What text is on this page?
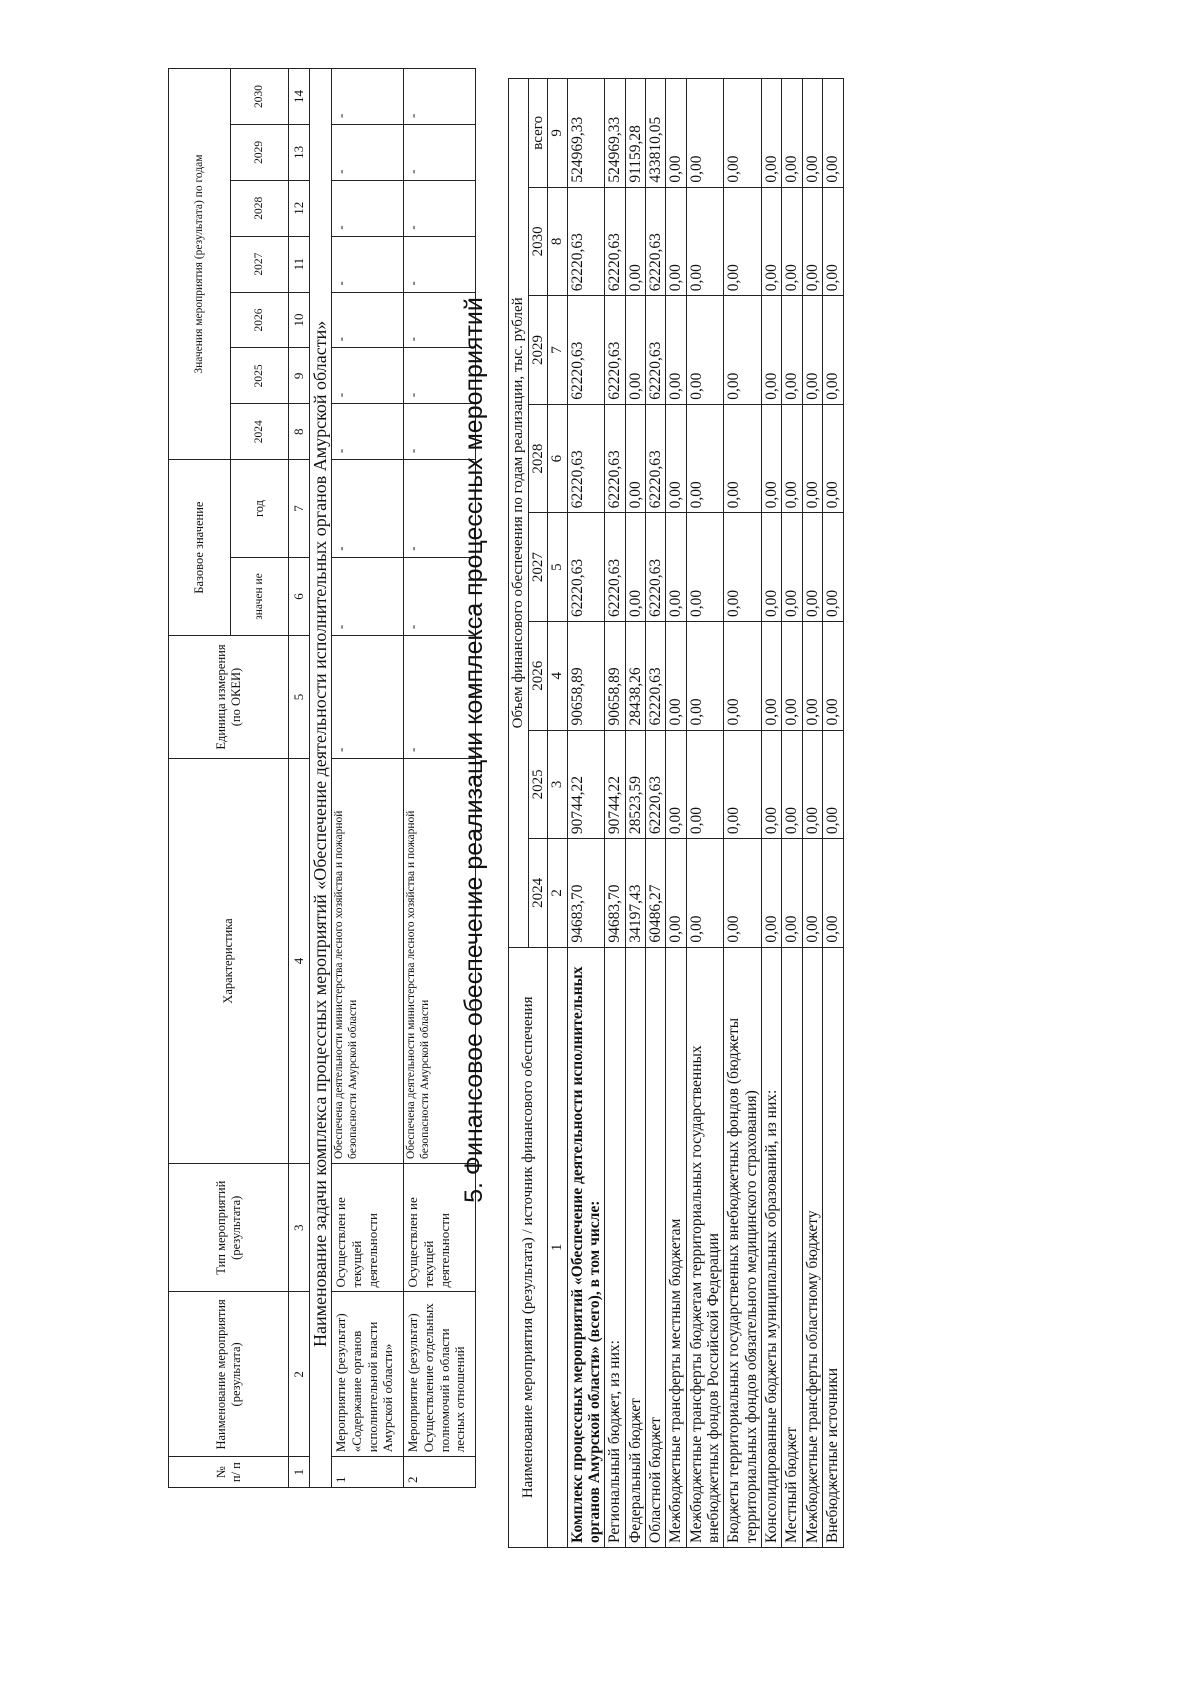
№ п/ п	Наименование мероприятия (результата)	Тип мероприятий (результата)	Характеристика	Единица измерения (по ОКЕИ)	Базовое значение		Значения мероприятия (результата) по годам						
					значен ие	год	2024	2025	2026	2027	2028	2029	2030
1	2	3	4	5	6	7	8	9	10	11	12	13	14
Наименование задачи комплекса процессных мероприятий «Обеспечение деятельности исполнительных органов Амурской области»													
1	Мероприятие (результат) «Содержание органов исполнительной власти Амурской области»	Осуществлен ие текущей деятельности	Обеспечена деятельности министерства лесного хозяйства и пожарной безопасности Амурской области	-	-	-	-	-	-	-	-	-	-
2	Мероприятие (результат) Осуществление отдельных полномочий в области лесных отношений	Осуществлен ие текущей деятельности	Обеспечена деятельности министерства лесного хозяйства и пожарной безопасности Амурской области	-	-	-	-	-	-	-	-	-	-
5. Финансовое обеспечение реализации комплекса процессных мероприятий
Наименование мероприятия (результата) / источник финансового обеспечения	Объем финансового обеспечения по годам реализации, тыс. рублей							
	2024	2025	2026	2027	2028	2029	2030	всего
1	2	3	4	5	6	7	8	9
Комплекс процессных мероприятий «Обеспечение деятельности исполнительных органов Амурской области» (всего), в том числе:	94683,70	90744,22	90658,89	62220,63	62220,63	62220,63	62220,63	524969,33
Региональный бюджет, из них:	94683,70	90744,22	90658,89	62220,63	62220,63	62220,63	62220,63	524969,33
Федеральный бюджет	34197,43	28523,59	28438,26	0,00	0,00	0,00	0,00	91159,28
Областной бюджет	60486,27	62220,63	62220,63	62220,63	62220,63	62220,63	62220,63	433810,05
Межбюджетные трансферты местным бюджетам	0,00	0,00	0,00	0,00	0,00	0,00	0,00	0,00
Межбюджетные трансферты бюджетам территориальных государственных внебюджетных фондов Российской Федерации	0,00	0,00	0,00	0,00	0,00	0,00	0,00	0,00
Бюджеты территориальных государственных внебюджетных фондов (бюджеты территориальных фондов обязательного медицинского страхования)	0,00	0,00	0,00	0,00	0,00	0,00	0,00	0,00
Консолидированные бюджеты муниципальных образований, из них:	0,00	0,00	0,00	0,00	0,00	0,00	0,00	0,00
Местный бюджет	0,00	0,00	0,00	0,00	0,00	0,00	0,00	0,00
Межбюджетные трансферты областному бюджету	0,00	0,00	0,00	0,00	0,00	0,00	0,00	0,00
Внебюджетные источники	0,00	0,00	0,00	0,00	0,00	0,00	0,00	0,00
